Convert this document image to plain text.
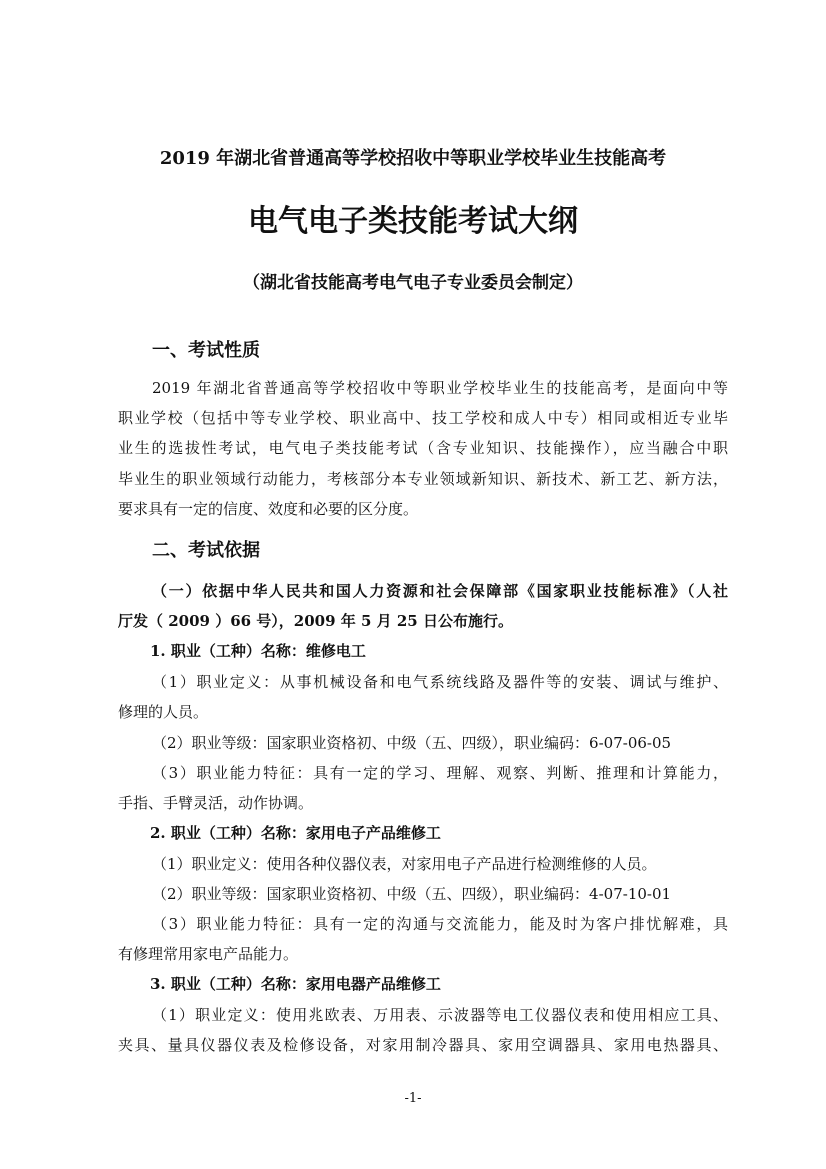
2019 年湖北省普通高等学校招收中等职业学校毕业生技能高考
电气电子类技能考试大纲
（湖北省技能高考电气电子专业委员会制定）
一、考试性质
2019 年湖北省普通高等学校招收中等职业学校毕业生的技能高考，是面向中等
职业学校（包括中等专业学校、职业高中、技工学校和成人中专）相同或相近专业毕
业生的选拔性考试，电气电子类技能考试（含专业知识、技能操作），应当融合中职
毕业生的职业领域行动能力，考核部分本专业领域新知识、新技术、新工艺、新方法，
要求具有一定的信度、效度和必要的区分度。
二、考试依据
（一）依据中华人民共和国人力资源和社会保障部《国家职业技能标准》（人社
厅发（ 2009 ）66 号），2009 年 5 月 25 日公布施行。
1. 职业（工种）名称：维修电工
（1）职业定义：从事机械设备和电气系统线路及器件等的安装、调试与维护、
修理的人员。
（2）职业等级：国家职业资格初、中级（五、四级），职业编码：6-07-06-05
（3）职业能力特征：具有一定的学习、理解、观察、判断、推理和计算能力，
手指、手臂灵活，动作协调。
2. 职业（工种）名称：家用电子产品维修工
（1）职业定义：使用各种仪器仪表，对家用电子产品进行检测维修的人员。
（2）职业等级：国家职业资格初、中级（五、四级），职业编码：4-07-10-01
（3）职业能力特征：具有一定的沟通与交流能力，能及时为客户排忧解难，具
有修理常用家电产品能力。
3. 职业（工种）名称：家用电器产品维修工
（1）职业定义：使用兆欧表、万用表、示波器等电工仪器仪表和使用相应工具、
夹具、量具仪器仪表及检修设备，对家用制冷器具、家用空调器具、家用电热器具、
-1-
